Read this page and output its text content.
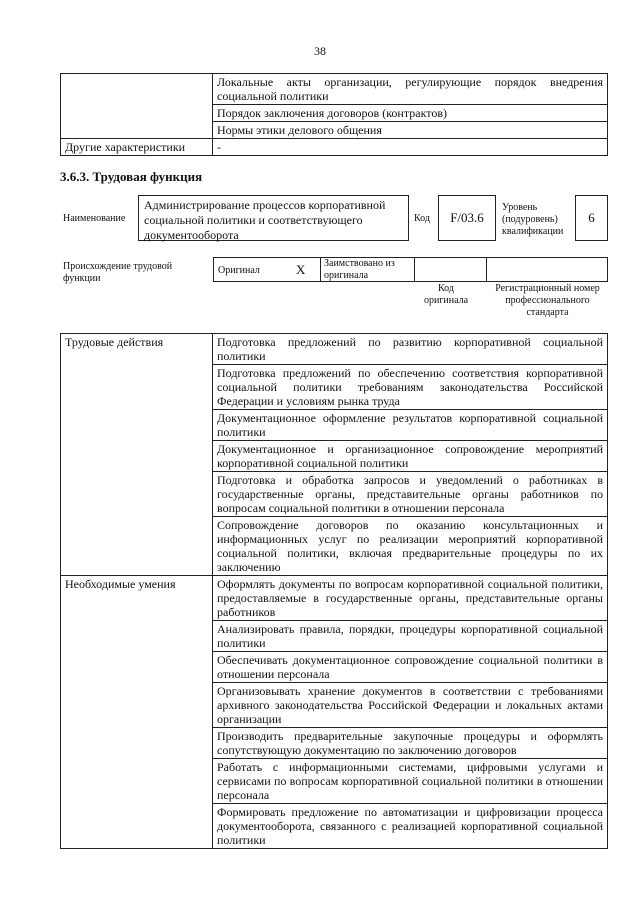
38
	Локальные акты организации, регулирующие порядок внедрения социальной политики
	Порядок заключения договоров (контрактов)
	Нормы этики делового общения
Другие характеристики	-
3.6.3. Трудовая функция
Наименование
Администрирование процессов корпоративной социальной политики и соответствующего документооборота
Код	F/03.6
Уровень (подуровень) квалификации
6
Происхождение трудовой функции
Оригинал	X Заимствовано из оригинала
Код оригинала
Регистрационный номер профессионального стандарта
Трудовые действия	Подготовка предложений по развитию корпоративной социальной политики
	Подготовка предложений по обеспечению соответствия корпоративной социальной политики требованиям законодательства Российской Федерации и условиям рынка труда
	Документационное оформление результатов корпоративной социальной политики
	Документационное и организационное сопровождение мероприятий корпоративной социальной политики
	Подготовка и обработка запросов и уведомлений о работниках в государственные органы, представительные органы работников по вопросам социальной политики в отношении персонала
	Сопровождение договоров по оказанию консультационных и информационных услуг по реализации мероприятий корпоративной социальной политики, включая предварительные процедуры по их заключению
Необходимые умения	Оформлять документы по вопросам корпоративной социальной политики, предоставляемые в государственные органы, представительные органы работников
	Анализировать правила, порядки, процедуры корпоративной социальной политики
	Обеспечивать документационное сопровождение социальной политики в отношении персонала
	Организовывать хранение документов в соответствии с требованиями архивного законодательства Российской Федерации и локальных актами организации
	Производить предварительные закупочные процедуры и оформлять сопутствующую документацию по заключению договоров
	Работать с информационными системами, цифровыми услугами и сервисами по вопросам корпоративной социальной политики в отношении персонала
	Формировать предложение по автоматизации и цифровизации процесса документооборота, связанного с реализацией корпоративной социальной политики
